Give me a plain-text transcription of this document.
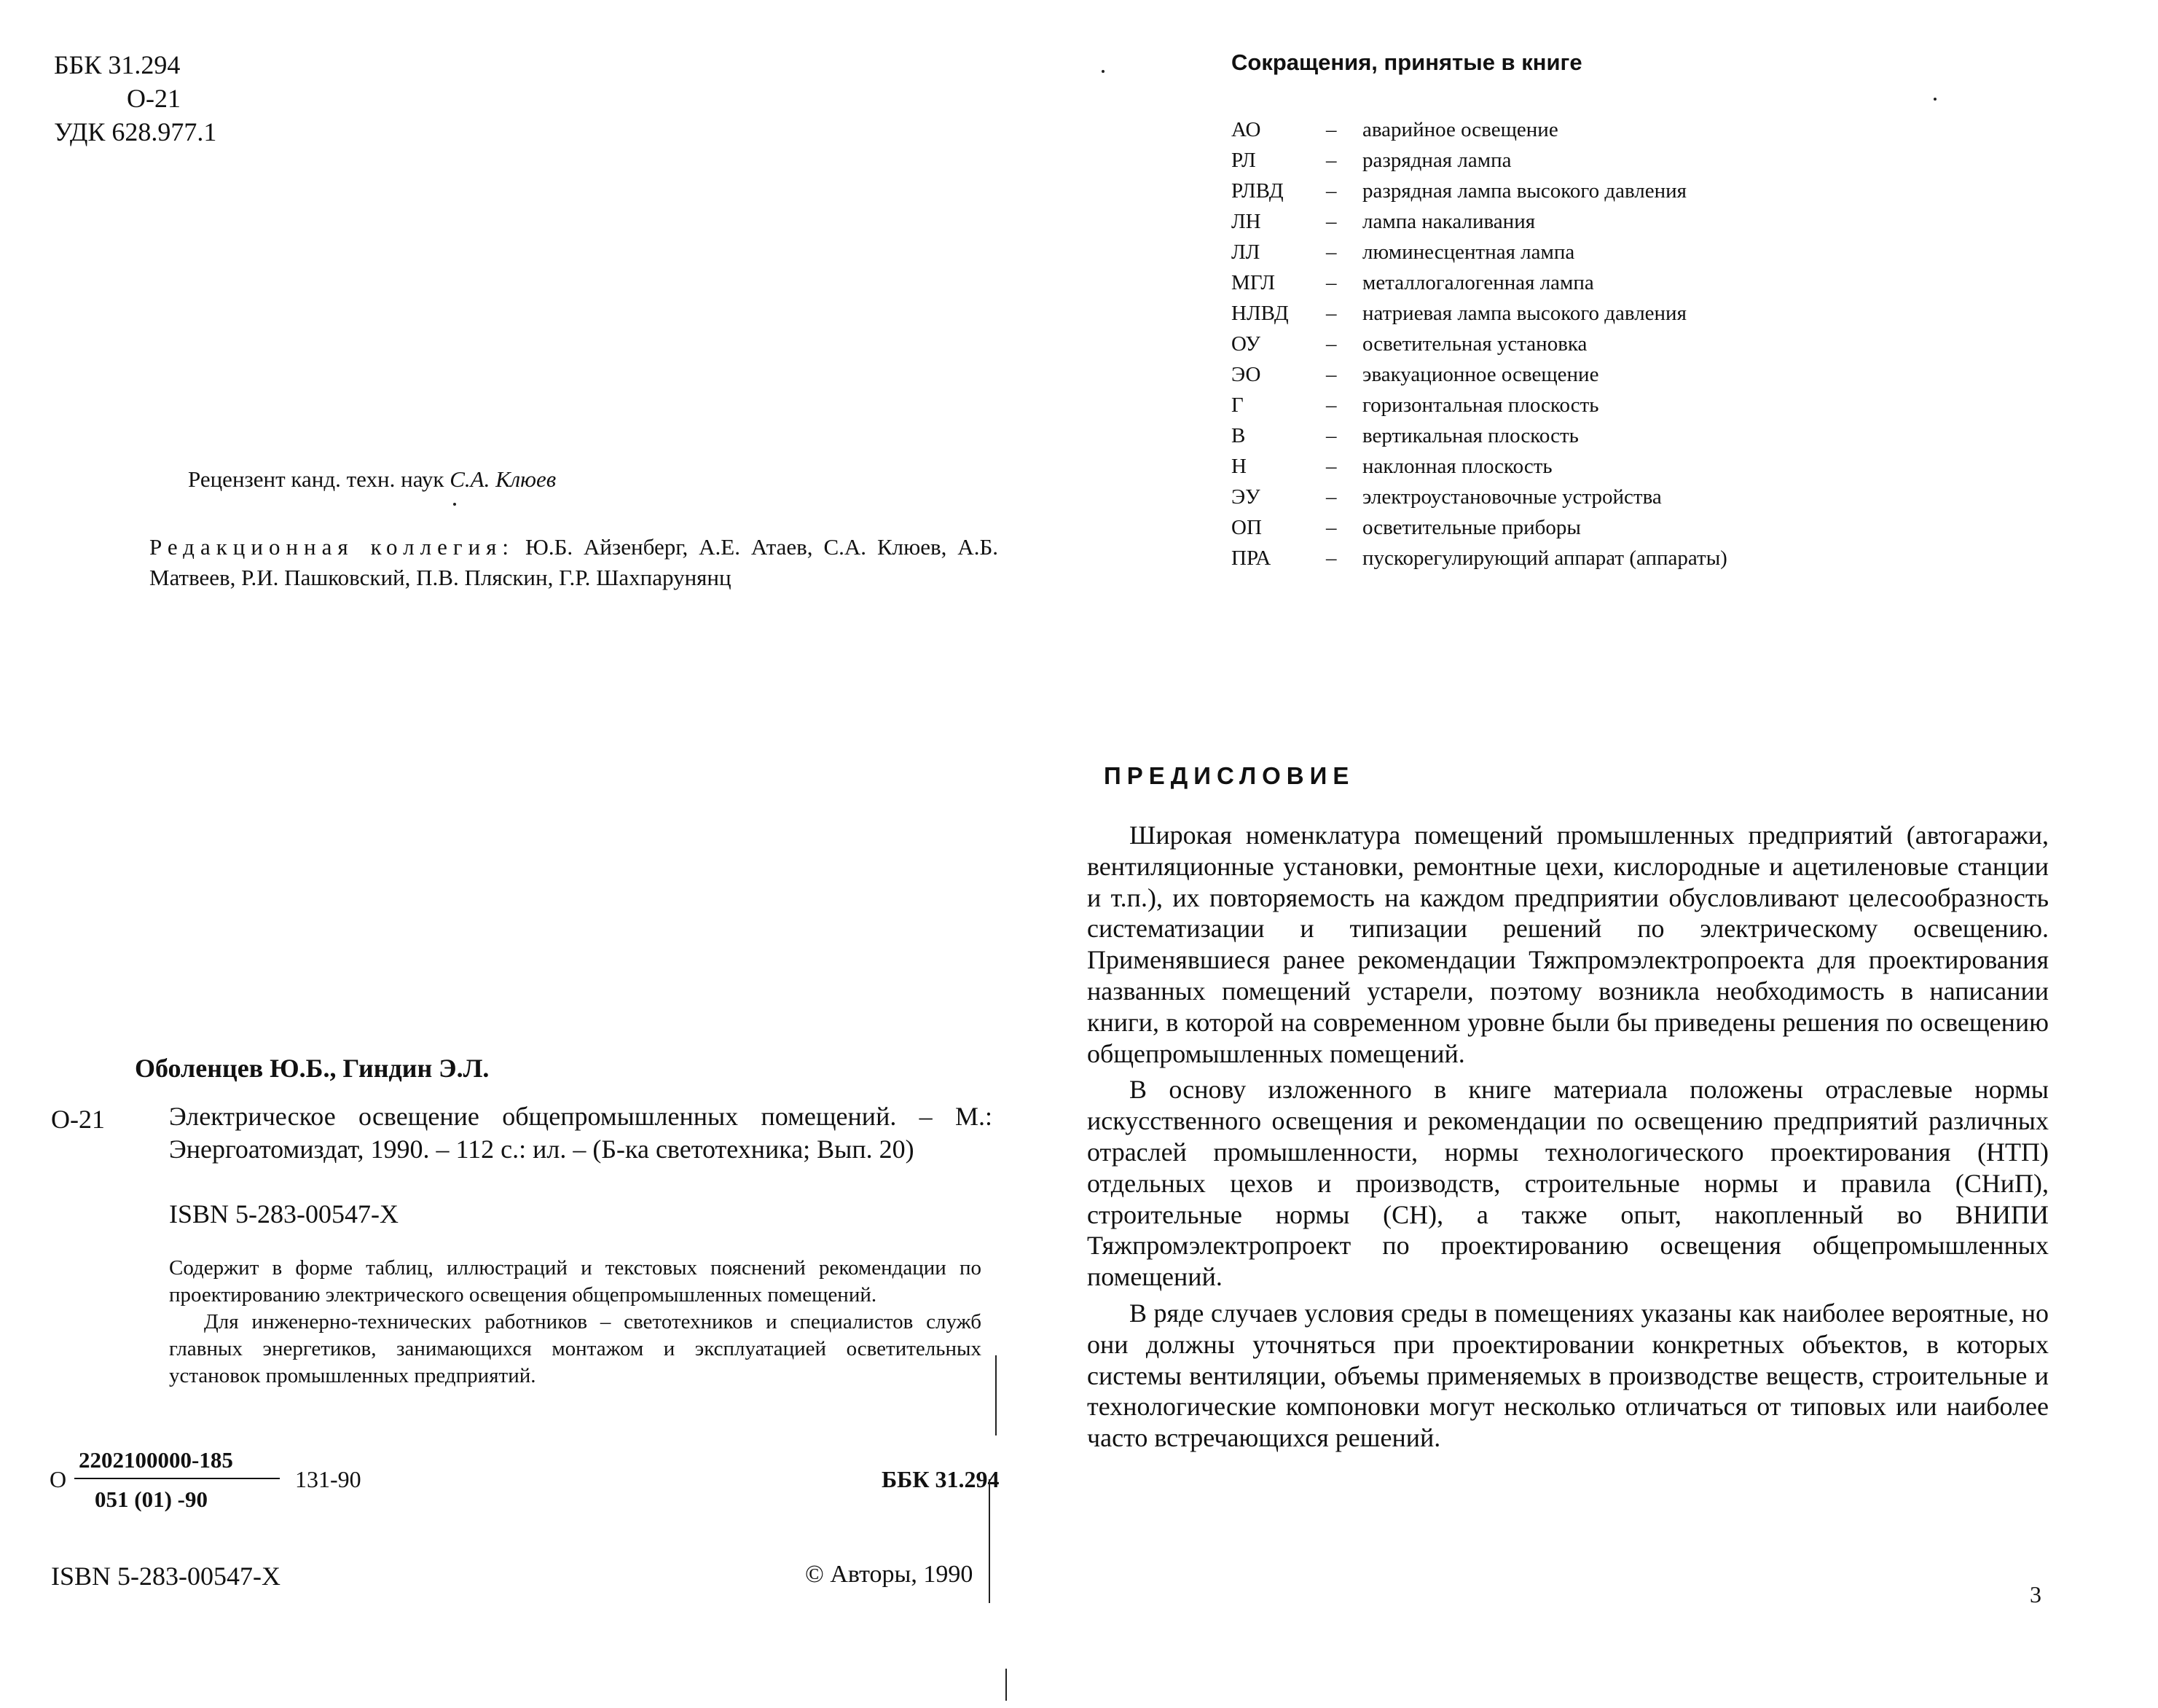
ББК 31.294
О-21
УДК 628.977.1
Рецензент канд. техн. наук С.А. Клюев
Редакционная коллегия: Ю.Б. Айзенберг, А.Е. Атаев, С.А. Клюев, А.Б. Матвеев, Р.И. Пашковский, П.В. Пляскин, Г.Р. Шахпарунянц
Оболенцев Ю.Б., Гиндин Э.Л.
О-21 Электрическое освещение общепромышленных помещений. – М.: Энергоатомиздат, 1990. – 112 с.: ил. – (Б-ка светотехника; Вып. 20)
ISBN 5-283-00547-X

Содержит в форме таблиц, иллюстраций и текстовых пояснений рекомендации по проектированию электрического освещения общепромышленных помещений.

Для инженерно-технических работников – светотехников и специалистов служб главных энергетиков, занимающихся монтажом и эксплуатацией осветительных установок промышленных предприятий.

О
2202100000-185
051 (01) -90
131-90	ББК 31.294
ISBN 5-283-00547-X	© Авторы, 1990
Сокращения, принятые в книге
АО	– аварийное освещение
РЛ	– разрядная лампа
РЛВД – разрядная лампа высокого давления
ЛН	– лампа накаливания
ЛЛ	– люминесцентная лампа
МГЛ – металлогалогенная лампа
НЛВД – натриевая лампа высокого давления
ОУ	– осветительная установка
ЭО	– эвакуационное освещение
Г	– горизонтальная плоскость
В	– вертикальная плоскость
Н	– наклонная плоскость
ЭУ	– электроустановочные устройства
ОП	– осветительные приборы
ПРА	– пускорегулирующий аппарат (аппараты)
ПРЕДИСЛОВИЕ

Широкая номенклатура помещений промышленных предприятий (автогаражи, вентиляционные установки, ремонтные цехи, кислородные и ацетиленовые станции и т.п.), их повторяемость на каждом предприятии обусловливают целесообразность систематизации и типизации решений по электрическому освещению. Применявшиеся ранее рекомендации Тяжпромэлектропроекта для проектирования названных помещений устарели, поэтому возникла необходимость в написании книги, в которой на современном уровне были бы приведены решения по освещению общепромышленных помещений.

В основу изложенного в книге материала положены отраслевые нормы искусственного освещения и рекомендации по освещению предприятий различных отраслей промышленности, нормы технологического проектирования (НТП) отдельных цехов и производств, строительные нормы и правила (СНиП), строительные нормы (СН), а также опыт, накопленный во ВНИПИ Тяжпромэлектропроект по проектированию освещения общепромышленных помещений.

В ряде случаев условия среды в помещениях указаны как наиболее вероятные, но они должны уточняться при проектировании конкретных объектов, в которых системы вентиляции, объемы применяемых в производстве веществ, строительные и технологические компоновки могут несколько отличаться от типовых или наиболее часто встречающихся решений.

3
